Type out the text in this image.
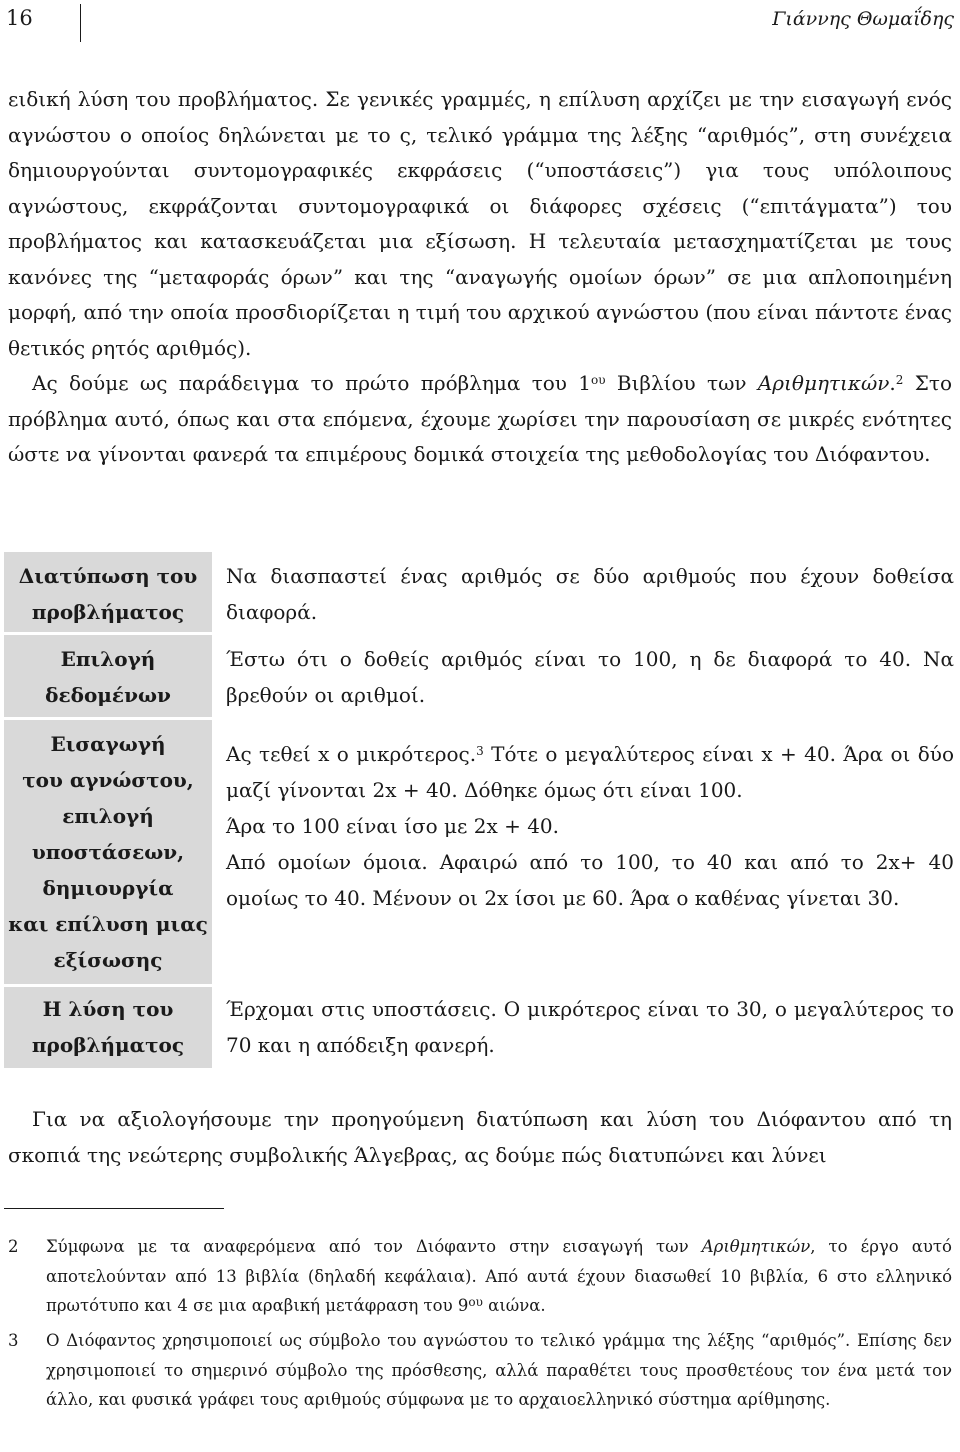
16	Γιάννης Θωμαΐδης

ειδική λύση του προβλήματος. Σε γενικές γραμμές, η επίλυση αρχίζει με την εισαγωγή ενός αγνώστου ο οποίος δηλώνεται με το ς, τελικό γράμμα της λέξης “αριθμός”, στη συνέχεια δημιουργούνται συντομογραφικές εκφράσεις (“υποστάσεις”) για τους υπόλοιπους αγνώστους, εκφράζονται συντομογραφικά οι διάφορες σχέσεις (“επιτάγματα”) του προβλήματος και κατασκευάζεται μια εξίσωση. Η τελευταία μετασχηματίζεται με τους κανόνες της “μεταφοράς όρων” και της “αναγωγής ομοίων όρων” σε μια απλοποιημένη μορφή, από την οποία προσδιορίζεται η τιμή του αρχικού αγνώστου (που είναι πάντοτε ένας θετικός ρητός αριθμός).

Ας δούμε ως παράδειγμα το πρώτο πρόβλημα του $1^{o\upsilon}$ Βιβλίου των Αριθμητικών.$^2$ Στο πρόβλημα αυτό, όπως και στα επόμενα, έχουμε χωρίσει την παρουσίαση σε μικρές ενότητες ώστε να γίνονται φανερά τα επιμέρους δομικά στοιχεία της μεθοδολογίας του Διόφαντου.

Διατύπωση του
προβλήματος

Να διασπαστεί ένας αριθμός σε δύο αριθμούς που έχουν δοθείσα διαφορά.

Επιλογή
δεδομένων

Έστω ότι ο δοθείς αριθμός είναι το 100, η δε διαφορά το 40. Να βρεθούν οι αριθμοί.

Εισαγωγή
του αγνώστου,
επιλογή
υποστάσεων,
δημιουργία
και επίλυση μιας
εξίσωσης

Ας τεθεί x ο μικρότερος.$^3$ Τότε ο μεγαλύτερος είναι x + 40. Άρα οι δύο μαζί γίνονται 2x + 40. Δόθηκε όμως ότι είναι 100.

Άρα το 100 είναι ίσο με 2x + 40.

Από ομοίων όμοια. Αφαιρώ από το 100, το 40 και από το 2x+ 40 ομοίως το 40. Μένουν οι 2x ίσοι με 60. Άρα ο καθένας γίνεται 30.

Η λύση του
προβλήματος

Έρχομαι στις υποστάσεις. Ο μικρότερος είναι το 30, ο μεγαλύτερος το 70 και η απόδειξη φανερή.

Για να αξιολογήσουμε την προηγούμενη διατύπωση και λύση του Διόφαντου από τη σκοπιά της νεώτερης συμβολικής Άλγεβρας, ας δούμε πώς διατυπώνει και λύνει

2 Σύμφωνα με τα αναφερόμενα από τον Διόφαντο στην εισαγωγή των Αριθμητικών, το έργο αυτό αποτελούνταν από 13 βιβλία (δηλαδή κεφάλαια). Από αυτά έχουν διασωθεί 10 βιβλία, 6 στο ελληνικό πρωτότυπο και 4 σε μια αραβική μετάφραση του $9^{o\upsilon}$ αιώνα.
3 Ο Διόφαντος χρησιμοποιεί ως σύμβολο του αγνώστου το τελικό γράμμα της λέξης “αριθμός”. Επίσης δεν χρησιμοποιεί το σημερινό σύμβολο της πρόσθεσης, αλλά παραθέτει τους προσθετέους τον ένα μετά τον άλλο, και φυσικά γράφει τους αριθμούς σύμφωνα με το αρχαιοελληνικό σύστημα αρίθμησης.
